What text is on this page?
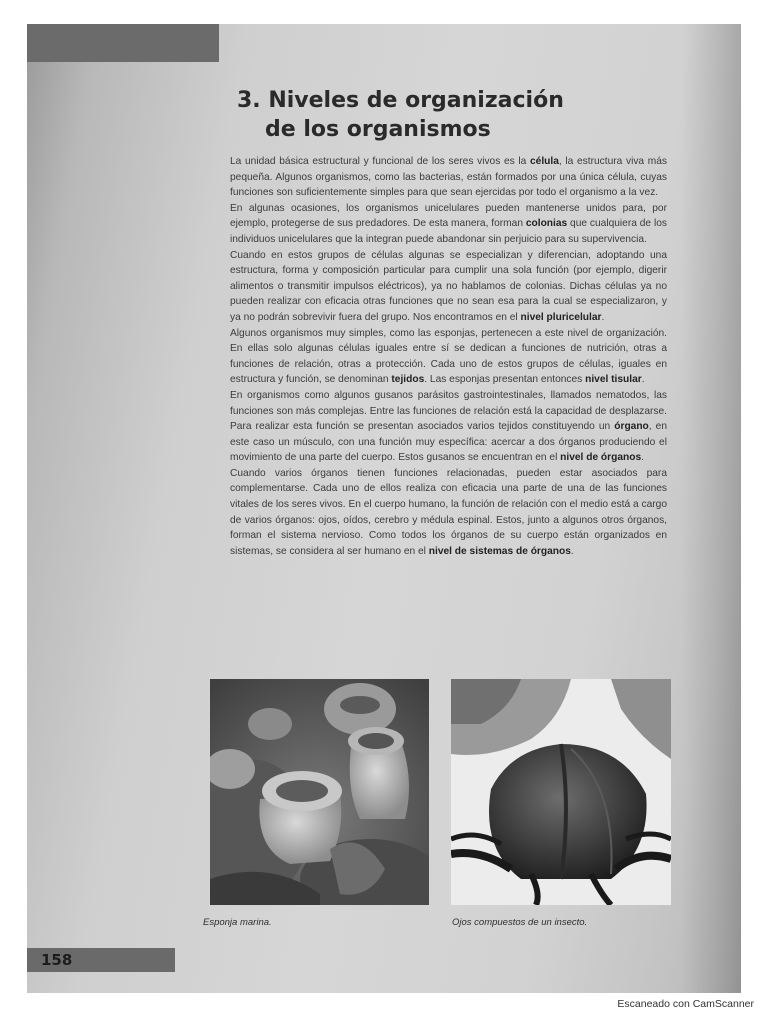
3. Niveles de organización
de los organismos

La unidad básica estructural y funcional de los seres vivos es la célula, la estructura viva más pequeña. Algunos organismos, como las bacterias, están formados por una única célula, cuyas funciones son suficientemente simples para que sean ejercidas por todo el organismo a la vez.

En algunas ocasiones, los organismos unicelulares pueden mantenerse unidos para, por ejemplo, protegerse de sus predadores. De esta manera, forman colonias que cualquiera de los individuos unicelulares que la integran puede abandonar sin perjuicio para su supervivencia.

Cuando en estos grupos de células algunas se especializan y diferencian, adoptando una estructura, forma y composición particular para cumplir una sola función (por ejemplo, digerir alimentos o transmitir impulsos eléctricos), ya no hablamos de colonias. Dichas células ya no pueden realizar con eficacia otras funciones que no sean esa para la cual se especializaron, y ya no podrán sobrevivir fuera del grupo. Nos encontramos en el nivel pluricelular.

Algunos organismos muy simples, como las esponjas, pertenecen a este nivel de organización. En ellas solo algunas células iguales entre sí se dedican a funciones de nutrición, otras a funciones de relación, otras a protección. Cada uno de estos grupos de células, iguales en estructura y función, se denominan tejidos. Las esponjas presentan entonces nivel tisular.

En organismos como algunos gusanos parásitos gastrointestinales, llamados nematodos, las funciones son más complejas. Entre las funciones de relación está la capacidad de desplazarse. Para realizar esta función se presentan asociados varios tejidos constituyendo un órgano, en este caso un músculo, con una función muy específica: acercar a dos órganos produciendo el movimiento de una parte del cuerpo. Estos gusanos se encuentran en el nivel de órganos.

Cuando varios órganos tienen funciones relacionadas, pueden estar asociados para complementarse. Cada uno de ellos realiza con eficacia una parte de una de las funciones vitales de los seres vivos. En el cuerpo humano, la función de relación con el medio está a cargo de varios órganos: ojos, oídos, cerebro y médula espinal. Estos, junto a algunos otros órganos, forman el sistema nervioso. Como todos los órganos de su cuerpo están organizados en sistemas, se considera al ser humano en el nivel de sistemas de órganos.

Esponja marina.	Ojos compuestos de un insecto.
158
Escaneado con CamScanner
